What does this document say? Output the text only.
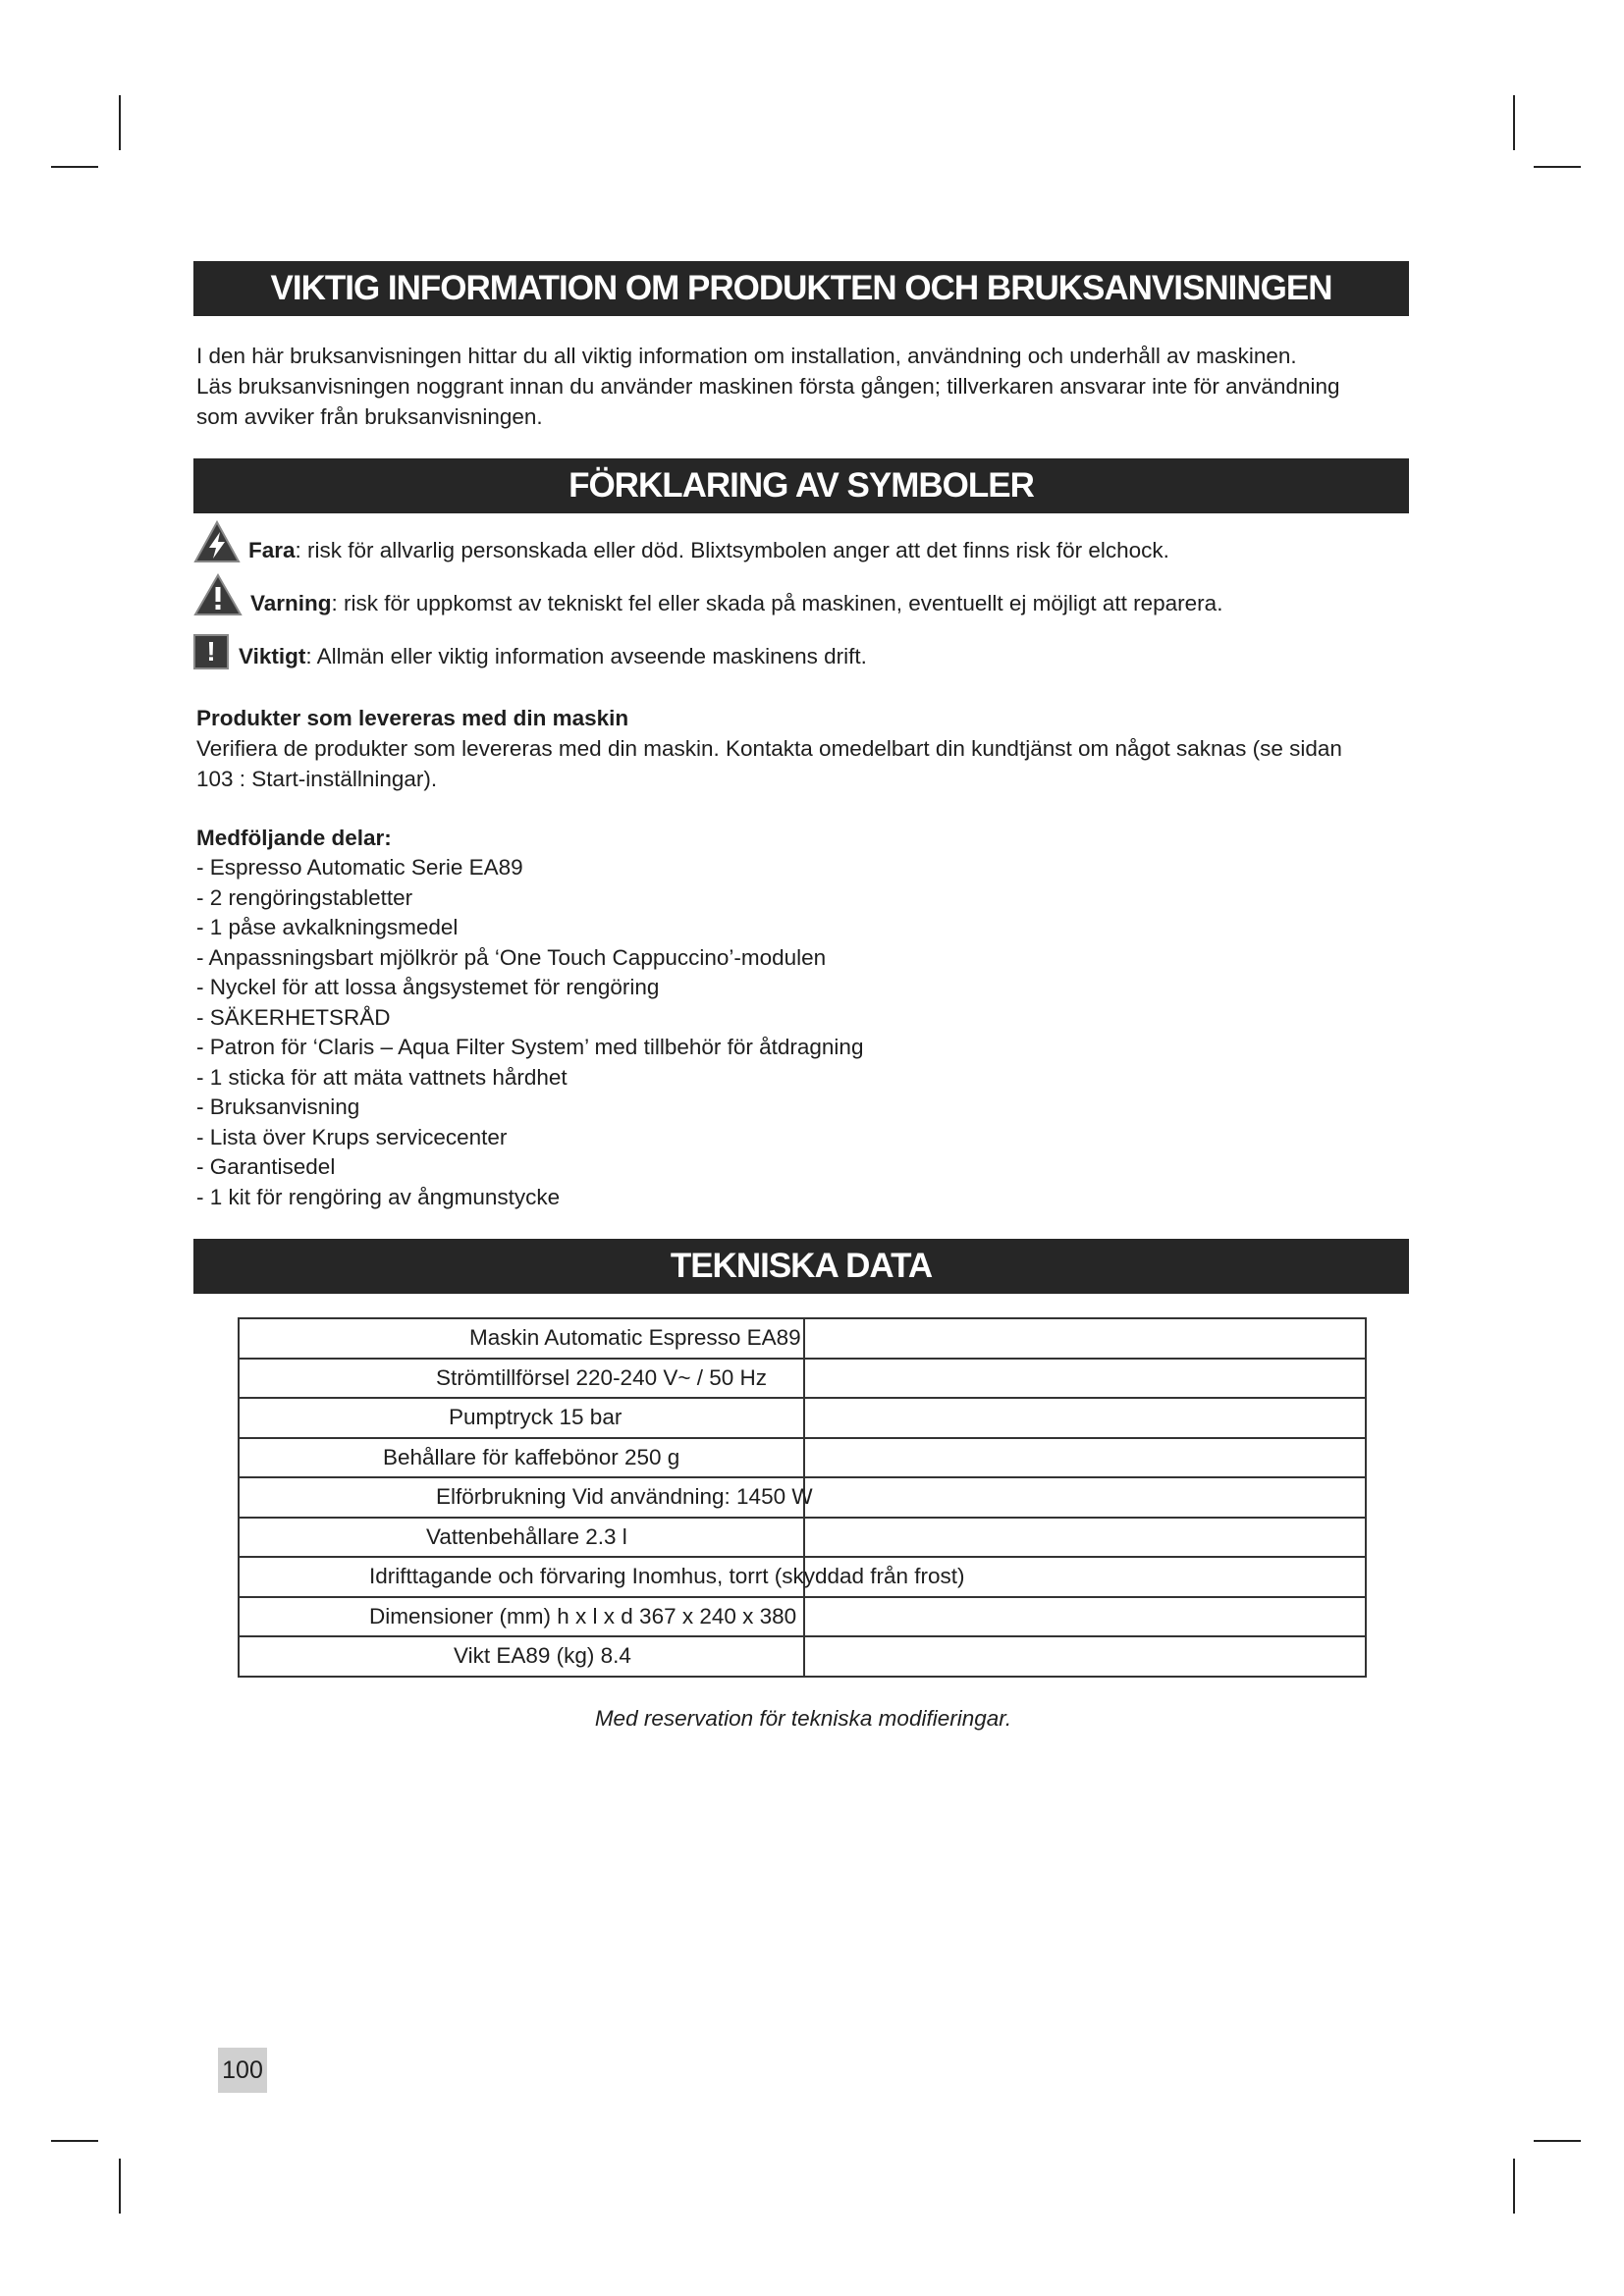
VIKTIG INFORMATION OM PRODUKTEN OCH BRUKSANVISNINGEN

I den här bruksanvisningen hittar du all viktig information om installation, användning och underhåll av maskinen.

Läs bruksanvisningen noggrant innan du använder maskinen första gången; tillverkaren ansvarar inte för användning

som avviker från bruksanvisningen.

FÖRKLARING AV SYMBOLER
Fara: risk för allvarlig personskada eller död. Blixtsymbolen anger att det finns risk för elchock.
Varning: risk för uppkomst av tekniskt fel eller skada på maskinen, eventuellt ej möjligt att reparera.
!	Viktigt: Allmän eller viktig information avseende maskinens drift.

Produkter som levereras med din maskin

Verifiera de produkter som levereras med din maskin. Kontakta omedelbart din kundtjänst om något saknas (se sidan

103 : Start-inställningar).

Medföljande delar:

- Espresso Automatic Serie EA89
- 2 rengöringstabletter
- 1 påse avkalkningsmedel
- Anpassningsbart mjölkrör på ‘One Touch Cappuccino’-modulen
- Nyckel för att lossa ångsystemet för rengöring
- SÄKERHETSRÅD
- Patron för ‘Claris – Aqua Filter System’ med tillbehör för åtdragning
- 1 sticka för att mäta vattnets hårdhet
- Bruksanvisning
- Lista över Krups servicecenter
- Garantisedel
- 1 kit för rengöring av ångmunstycke
TEKNISKA DATA
Maskin Automatic Espresso EA89	

Strömtillförsel 220-240 V~ / 50 Hz	

Pumptryck 15 bar	

Behållare för kaffebönor 250 g	

Elförbrukning Vid användning: 1450 W	

Vattenbehållare 2.3 l	

Idrifttagande och förvaring Inomhus, torrt (skyddad från frost)	

Dimensioner (mm) h x l x d 367 x 240 x 380	

Vikt EA89 (kg) 8.4	

Med reservation för tekniska modifieringar.
100
